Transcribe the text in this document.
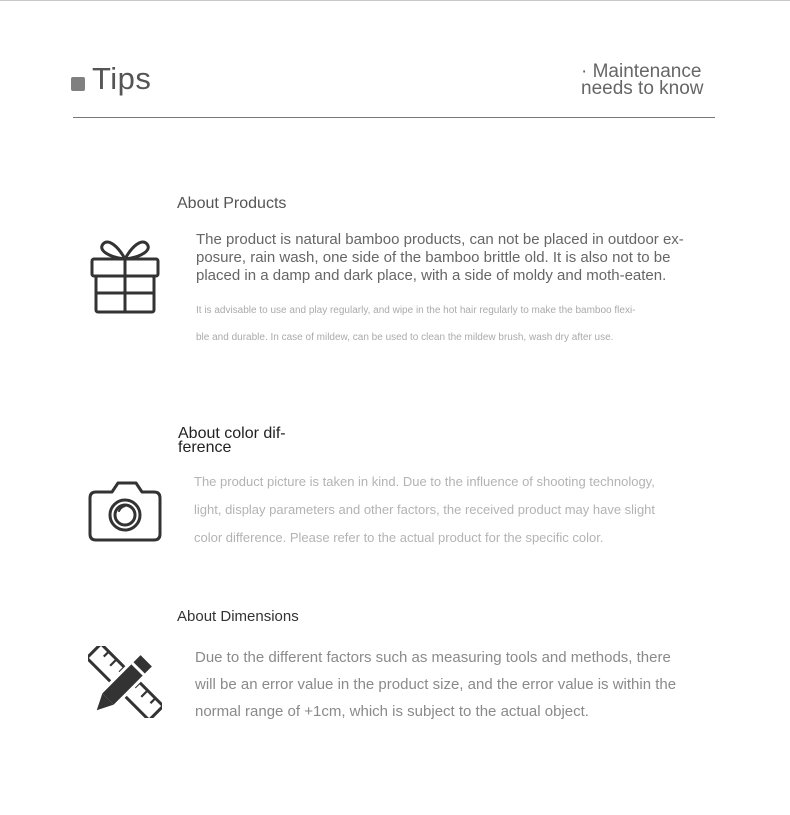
Tips	· Maintenance
needs to know
About Products
The product is natural bamboo products, can not be placed in outdoor ex-
posure, rain wash, one side of the bamboo brittle old. It is also not to be
placed in a damp and dark place, with a side of moldy and moth-eaten.
It is advisable to use and play regularly, and wipe in the hot hair regularly to make the bamboo flexi-
ble and durable. In case of mildew, can be used to clean the mildew brush, wash dry after use.
About color dif-
ference
The product picture is taken in kind. Due to the influence of shooting technology,
light, display parameters and other factors, the received product may have slight
color difference. Please refer to the actual product for the specific color.
About Dimensions
Due to the different factors such as measuring tools and methods, there
will be an error value in the product size, and the error value is within the
normal range of +1cm, which is subject to the actual object.
